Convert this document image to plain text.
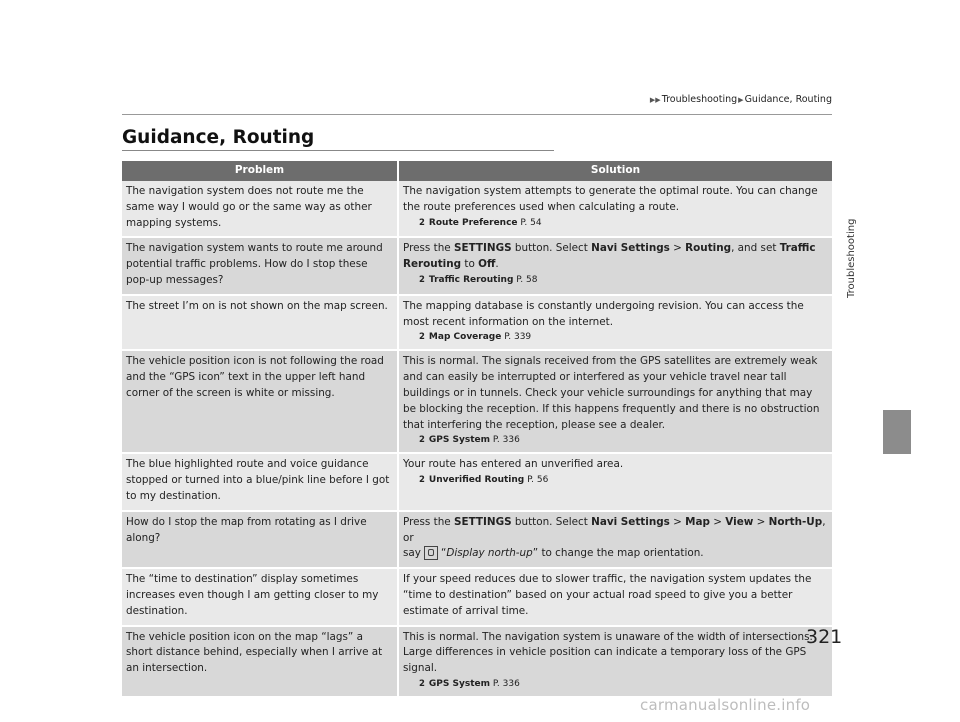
▶▶Troubleshooting▶Guidance, Routing
Guidance, Routing
Troubleshooting
Problem	Solution
The navigation system does not route me the same way I would go or the same way as other mapping systems.	The navigation system attempts to generate the optimal route. You can change the route preferences used when calculating a route.
2 Route Preference P. 54

The navigation system wants to route me around potential traffic problems. How do I stop these pop-up messages?	Press the SETTINGS button. Select Navi Settings > Routing, and set Traffic Rerouting to Off.
2 Traffic Rerouting P. 58

The street I’m on is not shown on the map screen.	The mapping database is constantly undergoing revision. You can access the most recent information on the internet.
2 Map Coverage P. 339

The vehicle position icon is not following the road and the “GPS icon” text in the upper left hand corner of the screen is white or missing.	This is normal. The signals received from the GPS satellites are extremely weak and can easily be interrupted or interfered as your vehicle travel near tall buildings or in tunnels. Check your vehicle surroundings for anything that may be blocking the reception. If this happens frequently and there is no obstruction that interfering the reception, please see a dealer.
2 GPS System P. 336

The blue highlighted route and voice guidance stopped or turned into a blue/pink line before I got to my destination.	Your route has entered an unverified area.
2 Unverified Routing P. 56

How do I stop the map from rotating as I drive along?	Press the SETTINGS button. Select Navi Settings > Map > View > North-Up, or
say “Display north-up” to change the map orientation.

The “time to destination” display sometimes increases even though I am getting closer to my destination.	If your speed reduces due to slower traffic, the navigation system updates the “time to destination” based on your actual road speed to give you a better estimate of arrival time.
The vehicle position icon on the map “lags” a short distance behind, especially when I arrive at an intersection.	This is normal. The navigation system is unaware of the width of intersections. Large differences in vehicle position can indicate a temporary loss of the GPS signal.
2 GPS System P. 336
321
carmanualsonline.info
